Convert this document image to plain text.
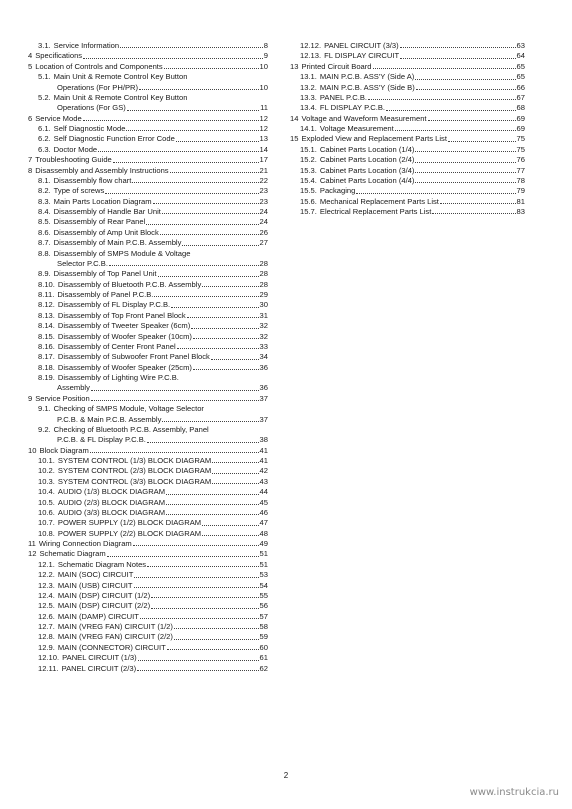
3.1. Service Information	8
4 Specifications	9
5 Location of Controls and Components	10
5.1. Main Unit & Remote Control Key Button
Operations (For PH/PR)	10
5.2. Main Unit & Remote Control Key Button
Operations (For GS)	11
6 Service Mode	12
6.1. Self Diagnostic Mode	12
6.2. Self Diagnostic Function Error Code	13
6.3. Doctor Mode	14
7 Troubleshooting Guide	17
8 Disassembly and Assembly Instructions	21
8.1. Disassembly flow chart	22
8.2. Type of screws	23
8.3. Main Parts Location Diagram	23
8.4. Disassembly of Handle Bar Unit	24
8.5. Disassembly of Rear Panel	24
8.6. Disassembly of Amp Unit Block	26
8.7. Disassembly of Main P.C.B. Assembly	27
8.8. Disassembly of SMPS Module & Voltage
Selector P.C.B.	28
8.9. Disassembly of Top Panel Unit	28
8.10. Disassembly of Bluetooth P.C.B. Assembly	28
8.11. Disassembly of Panel P.C.B.	29
8.12. Disassembly of FL Display P.C.B.	30
8.13. Disassembly of Top Front Panel Block	31
8.14. Disassembly of Tweeter Speaker (6cm)	32
8.15. Disassembly of Woofer Speaker (10cm)	32
8.16. Disassembly of Center Front Panel	33
8.17. Disassembly of Subwoofer Front Panel Block	34
8.18. Disassembly of Woofer Speaker (25cm)	36
8.19. Disassembly of Lighting Wire P.C.B.
Assembly	36
9 Service Position	37
9.1. Checking of SMPS Module, Voltage Selector
P.C.B. & Main P.C.B. Assembly	37
9.2. Checking of Bluetooth P.C.B. Assembly, Panel
P.C.B. & FL Display P.C.B.	38
10 Block Diagram	41
10.1. SYSTEM CONTROL (1/3) BLOCK DIAGRAM	41
10.2. SYSTEM CONTROL (2/3) BLOCK DIAGRAM	42
10.3. SYSTEM CONTROL (3/3) BLOCK DIAGRAM	43
10.4. AUDIO (1/3) BLOCK DIAGRAM	44
10.5. AUDIO (2/3) BLOCK DIAGRAM	45
10.6. AUDIO (3/3) BLOCK DIAGRAM	46
10.7. POWER SUPPLY (1/2) BLOCK DIAGRAM	47
10.8. POWER SUPPLY (2/2) BLOCK DIAGRAM	48
11 Wiring Connection Diagram	49
12 Schematic Diagram	51
12.1. Schematic Diagram Notes	51
12.2. MAIN (SOC) CIRCUIT	53
12.3. MAIN (USB) CIRCUIT	54
12.4. MAIN (DSP) CIRCUIT (1/2)	55
12.5. MAIN (DSP) CIRCUIT (2/2)	56
12.6. MAIN (DAMP) CIRCUIT	57
12.7. MAIN (VREG FAN) CIRCUIT (1/2)	58
12.8. MAIN (VREG FAN) CIRCUIT (2/2)	59
12.9. MAIN (CONNECTOR) CIRCUIT	60
12.10. PANEL CIRCUIT (1/3)	61
12.11. PANEL CIRCUIT (2/3)	62
12.12. PANEL CIRCUIT (3/3)	63
12.13. FL DISPLAY CIRCUIT	64
13 Printed Circuit Board	65
13.1. MAIN P.C.B. ASS'Y (Side A)	65
13.2. MAIN P.C.B. ASS'Y (Side B)	66
13.3. PANEL P.C.B.	67
13.4. FL DISPLAY P.C.B.	68
14 Voltage and Waveform Measurement	69
14.1. Voltage Measurement	69
15 Exploded View and Replacement Parts List	75
15.1. Cabinet Parts Location (1/4)	75
15.2. Cabinet Parts Location (2/4)	76
15.3. Cabinet Parts Location (3/4)	77
15.4. Cabinet Parts Location (4/4)	78
15.5. Packaging	79
15.6. Mechanical Replacement Parts List	81
15.7. Electrical Replacement Parts List	83
2
www.instrukcia.ru
